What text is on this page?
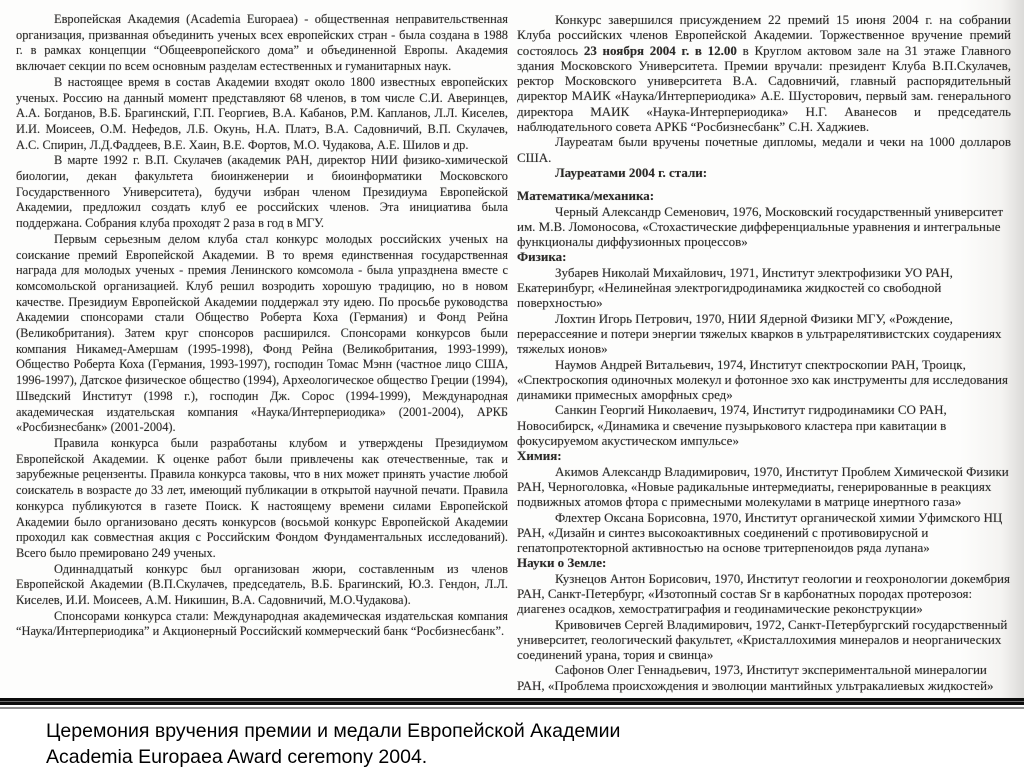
Европейская Академия (Academia Europaea) - общественная неправительственная организация, призванная объединить ученых всех европейских стран - была создана в 1988 г. в рамках концепции “Общеевропейского дома” и объединенной Европы. Академия включает секции по всем основным разделам естественных и гуманитарных наук.

В настоящее время в состав Академии входят около 1800 известных европейских ученых. Россию на данный момент представляют 68 членов, в том числе С.И. Аверинцев, А.А. Богданов, В.Б. Брагинский, Г.П. Георгиев, В.А. Кабанов, Р.М. Капланов, Л.Л. Киселев, И.И. Моисеев, О.М. Нефедов, Л.Б. Окунь, Н.А. Платэ, В.А. Садовничий, В.П. Скулачев, А.С. Спирин, Л.Д.Фаддеев, В.Е. Хаин, В.Е. Фортов, М.О. Чудакова, А.Е. Шилов и др.

В марте 1992 г. В.П. Скулачев (академик РАН, директор НИИ физико-химической биологии, декан факультета биоинженерии и биоинформатики Московского Государственного Университета), будучи избран членом Президиума Европейской Академии, предложил создать клуб ее российских членов. Эта инициатива была поддержана. Собрания клуба проходят 2 раза в год в МГУ.

Первым серьезным делом клуба стал конкурс молодых российских ученых на соискание премий Европейской Академии. В то время единственная государственная награда для молодых ученых - премия Ленинского комсомола - была упразднена вместе с комсомольской организацией. Клуб решил возродить хорошую традицию, но в новом качестве. Президиум Европейской Академии поддержал эту идею. По просьбе руководства Академии спонсорами стали Общество Роберта Коха (Германия) и Фонд Рейна (Великобритания). Затем круг спонсоров расширился. Спонсорами конкурсов были компания Никамед-Амершам (1995-1998), Фонд Рейна (Великобритания, 1993-1999), Общество Роберта Коха (Германия, 1993-1997), господин Томас Мэнн (частное лицо США, 1996-1997), Датское физическое общество (1994), Археологическое общество Греции (1994), Шведский Институт (1998 г.), господин Дж. Сорос (1994-1999), Международная академическая издательская компания «Наука/Интерпериодика» (2001-2004), АРКБ «Росбизнесбанк» (2001-2004).

Правила конкурса были разработаны клубом и утверждены Президиумом Европейской Академии. К оценке работ были привлечены как отечественные, так и зарубежные рецензенты. Правила конкурса таковы, что в них может принять участие любой соискатель в возрасте до 33 лет, имеющий публикации в открытой научной печати. Правила конкурса публикуются в газете Поиск. К настоящему времени силами Европейской Академии было организовано десять конкурсов (восьмой конкурс Европейской Академии проходил как совместная акция с Российским Фондом Фундаментальных исследований). Всего было премировано 249 ученых.

Одиннадцатый конкурс был организован жюри, составленным из членов Европейской Академии (В.П.Скулачев, председатель, В.Б. Брагинский, Ю.З. Гендон, Л.Л. Киселев, И.И. Моисеев, А.М. Никишин, В.А. Садовничий, М.О.Чудакова).

Спонсорами конкурса стали: Международная академическая издательская компания “Наука/Интерпериодика” и Акционерный Российский коммерческий банк “Росбизнесбанк”.

Конкурс завершился присуждением 22 премий 15 июня 2004 г. на собрании Клуба российских членов Европейской Академии. Торжественное вручение премий состоялось 23 ноября 2004 г. в 12.00 в Круглом актовом зале на 31 этаже Главного здания Московского Университета. Премии вручали: президент Клуба В.П.Скулачев, ректор Московского университета В.А. Садовничий, главный распорядительный директор МАИК «Наука/Интерпериодика» А.Е. Шусторович, первый зам. генерального директора МАИК «Наука-Интерпериодика» Н.Г. Аванесов и председатель наблюдательного совета АРКБ “Росбизнесбанк” С.Н. Хаджиев.

Лауреатам были вручены почетные дипломы, медали и чеки на 1000 долларов США.

Лауреатами 2004 г. стали:

Математика/механика:

Черный Александр Семенович, 1976, Московский государственный университет им. М.В. Ломоносова, «Стохастические дифференциальные уравнения и интегральные функционалы диффузионных процессов»

Физика:

Зубарев Николай Михайлович, 1971, Институт электрофизики УО РАН, Екатеринбург, «Нелинейная электрогидродинамика жидкостей со свободной поверхностью»

Лохтин Игорь Петрович, 1970, НИИ Ядерной Физики МГУ, «Рождение, перерассеяние и потери энергии тяжелых кварков в ультрарелятивистских соударениях тяжелых ионов»

Наумов Андрей Витальевич, 1974, Институт спектроскопии РАН, Троицк, «Спектроскопия одиночных молекул и фотонное эхо как инструменты для исследования динамики примесных аморфных сред»

Санкин Георгий Николаевич, 1974, Институт гидродинамики СО РАН, Новосибирск, «Динамика и свечение пузырькового кластера при кавитации в фокусируемом акустическом импульсе»

Химия:

Акимов Александр Владимирович, 1970, Институт Проблем Химической Физики РАН, Черноголовка, «Новые радикальные интермедиаты, генерированные в реакциях подвижных атомов фтора с примесными молекулами в матрице инертного газа»

Флехтер Оксана Борисовна, 1970, Институт органической химии Уфимского НЦ РАН, «Дизайн и синтез высокоактивных соединений с противовирусной и гепатопротекторной активностью на основе тритерпеноидов ряда лупана»

Науки о Земле:

Кузнецов Антон Борисович, 1970, Институт геологии и геохронологии докембрия РАН, Санкт-Петербург, «Изотопный состав Sr в карбонатных породах протерозоя: диагенез осадков, хемостратиграфия и геодинамические реконструкции»

Кривовичев Сергей Владимирович, 1972, Санкт-Петербургский государственный университет, геологический факультет, «Кристаллохимия минералов и неорганических соединений урана, тория и свинца»

Сафонов Олег Геннадьевич, 1973, Институт экспериментальной минералогии РАН, «Проблема происхождения и эволюции мантийных ультракалиевых жидкостей»

Церемония вручения премии и медали Европейской Академии

Academia Europaea Award ceremony 2004.
